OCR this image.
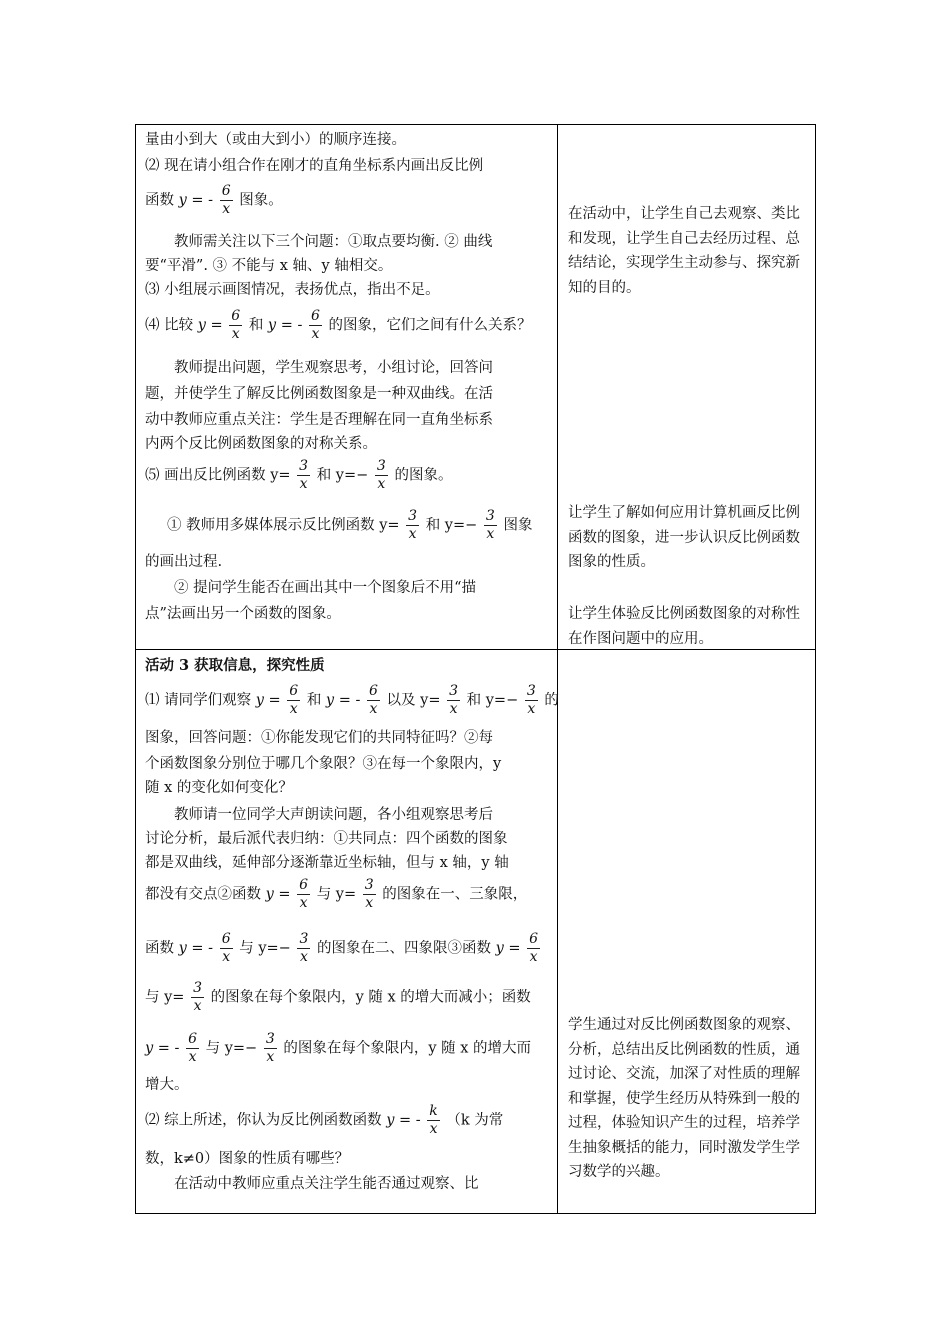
量由小到大（或由大到小）的顺序连接。
⑵ 现在请小组合作在刚才的直角坐标系内画出反比例
函数 y = - $\frac{6}{x}$ 图象。
教师需关注以下三个问题：①取点要均衡. ② 曲线
要“平滑”. ③ 不能与 x 轴、y 轴相交。
⑶ 小组展示画图情况，表扬优点，指出不足。
⑷ 比较 $y = \frac{6}{x}$ 和 y = - $\frac{6}{x}$ 的图象，它们之间有什么关系？
教师提出问题，学生观察思考，小组讨论，回答问
题，并使学生了解反比例函数图象是一种双曲线。在活
动中教师应重点关注：学生是否理解在同一直角坐标系
内两个反比例函数图象的对称关系。
⑸ 画出反比例函数 $y= \frac{3}{x}$ 和 $y=- \frac{3}{x}$ 的图象。
① 教师用多媒体展示反比例函数 $y= \frac{3}{x}$ 和 $y=- \frac{3}{x}$ 图象
的画出过程.
② 提问学生能否在画出其中一个图象后不用“描
点”法画出另一个函数的图象。
在活动中，让学生自己去观察、类比和发现，让学生自己去经历过程、总结结论，实现学生主动参与、探究新知的目的。
让学生了解如何应用计算机画反比例函数的图象，进一步认识反比例函数图象的性质。
让学生体验反比例函数图象的对称性在作图问题中的应用。
活动 3 获取信息，探究性质
⑴ 请同学们观察 $y = \frac{6}{x}$ 和 y = - $\frac{6}{x}$ 以及 $y= \frac{3}{x}$ 和 $y=- \frac{3}{x}$ 的
图象，回答问题：①你能发现它们的共同特征吗？②每
个函数图象分别位于哪几个象限？③在每一个象限内，y
随 x 的变化如何变化？
教师请一位同学大声朗读问题，各小组观察思考后
讨论分析，最后派代表归纳：①共同点：四个函数的图象
都是双曲线，延伸部分逐渐靠近坐标轴，但与 x 轴，y 轴
都没有交点②函数 $y = \frac{6}{x}$ 与 $y= \frac{3}{x}$ 的图象在一、三象限，
函数 y = - $\frac{6}{x}$ 与 $y=- \frac{3}{x}$ 的图象在二、四象限③函数 $y = \frac{6}{x}$
与 $y= \frac{3}{x}$ 的图象在每个象限内，y 随 x 的增大而减小；函数
y = - $\frac{6}{x}$ 与 $y=- \frac{3}{x}$ 的图象在每个象限内，y 随 x 的增大而
增大。
⑵ 综上所述，你认为反比例函数函数 y = - $\frac{k}{x} (k$ 为常
数，k≠0）图象的性质有哪些？
在活动中教师应重点关注学生能否通过观察、比
学生通过对反比例函数图象的观察、分析，总结出反比例函数的性质，通过讨论、交流，加深了对性质的理解和掌握，使学生经历从特殊到一般的过程，体验知识产生的过程，培养学生抽象概括的能力，同时激发学生学习数学的兴趣。
